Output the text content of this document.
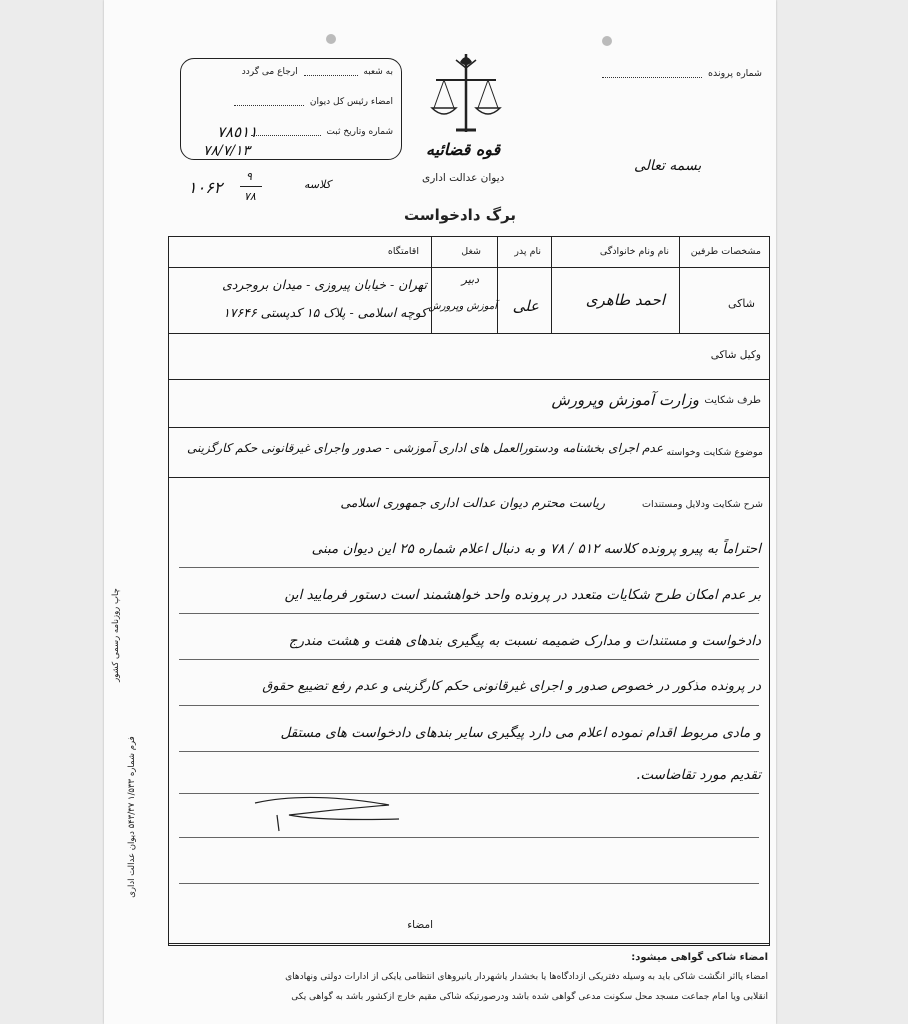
شماره پرونده
بسمه تعالی
قوه قضائیه
دیوان عدالت اداری
به شعبه  ارجاع می گردد
امضاء رئیس کل دیوان
شماره وتاریخ ثبت
٧٨٥١١
٧٨/٧/١٣
١٠۶٢
٩
٧٨
کلاسه
برگ دادخواست
مشخصات طرفین
نام ونام خانوادگی
نام پدر
شغل
اقامتگاه
شاکی
احمد طاهری
علی
دبیر
آموزش وپرورش
تهران - خیابان پیروزی - میدان بروجردی
کوچه اسلامی - پلاک ۱۵ کدپستی ۱۷۶۴۶
وکیل شاکی
طرف شکایت
وزارت آموزش وپرورش
موضوع شکایت وخواسته
عدم اجرای بخشنامه ودستورالعمل های اداری آموزشی - صدور واجرای غیرقانونی حکم کارگزینی
شرح شکایت ودلایل ومستندات
ریاست محترم دیوان عدالت اداری جمهوری اسلامی
احتراماً به پیرو پرونده کلاسه ۵۱۲ / ۷۸ و به دنبال اعلام شماره ۲۵ این دیوان مبنی
بر عدم امکان طرح شکایات متعدد در پرونده واحد خواهشمند است دستور فرمایید این
دادخواست و مستندات و مدارک ضمیمه نسبت به پیگیری بندهای هفت و هشت مندرج
در پرونده مذکور در خصوص صدور و اجرای غیرقانونی حکم کارگزینی و عدم رفع تضییع حقوق
و مادی مربوط اقدام نموده اعلام می دارد پیگیری سایر بندهای دادخواست های مستقل
تقدیم مورد تقاضاست.
امضاء
امضاء شاکی گواهی میشود:
امضاء یااثر انگشت شاکی باید به وسیله دفتریکی ازدادگاه‌ها یا بخشدار یاشهردار یانیروهای انتظامی یایکی از ادارات دولتی ونهادهای
انقلابی ویا امام جماعت مسجد محل سکونت مدعی گواهی شده باشد ودرصورتیکه شاکی مقیم خارج ازکشور باشد به گواهی یکی
فرم شماره ۱/۵۳۳ ۵۴۳/۳۷ دیوان عدالت اداری
چاپ روزنامه رسمی کشور
